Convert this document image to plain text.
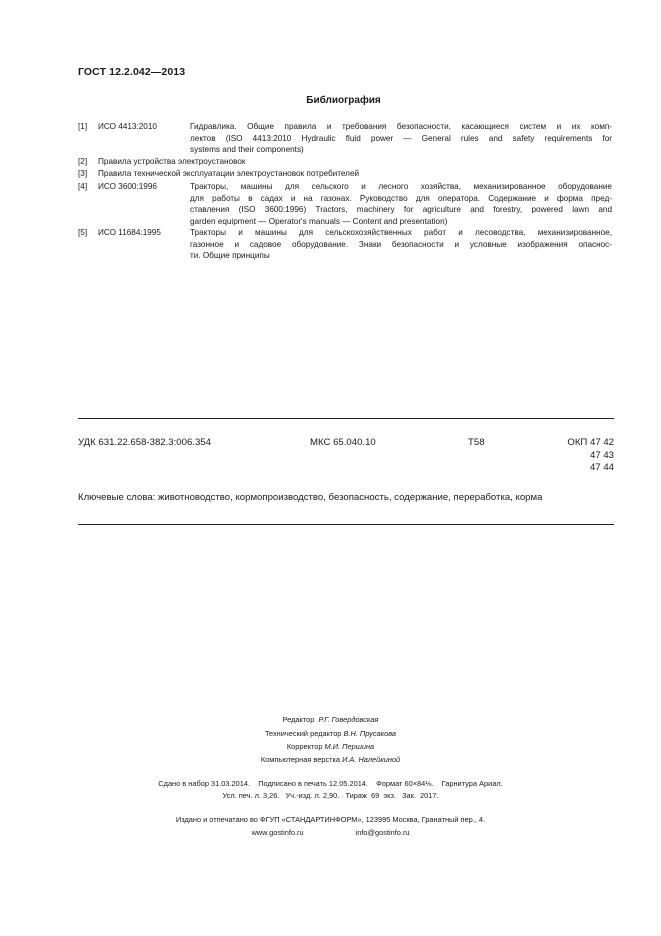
ГОСТ 12.2.042—2013
Библиография
[1] ИСО 4413:2010	Гидравлика. Общие правила и требования безопасности, касающиеся систем и их комп-
лектов (ISO 4413:2010 Hydraulic fluid power — General rules and safety requirements for
systems and their components)
[2] Правила устройства электроустановок
[3] Правила технической эксплуатации электроустановок потребителей
[4] ИСО 3600:1996	Тракторы, машины для сельского и лесного хозяйства, механизированное оборудование
для работы в садах и на газонах. Руководство для оператора. Содержание и форма пред-
ставления (ISO 3600:1996) Tractors, machinery for agriculture and forestry, powered lawn and
garden equipment — Operator's manuals — Content and presentation)
[5] ИСО 11684:1995	Тракторы и машины для сельскохозяйственных работ и лесоводства, механизированное,
газонное и садовое оборудование. Знаки безопасности и условные изображения опаснос-
ти. Общие принципы
УДК 631.22.658-382.3:006.354	МКС 65.040.10	Т58	ОКП 47 42
47 43
47 44
Ключевые слова: животноводство, кормопроизводство, безопасность, содержание, переработка, корма
Редактор Р.Г. Говердовская
Технический редактор В.Н. Прусакова
Корректор М.И. Першина
Компьютерная верстка И.А. Налейкиной
Сдано в набор 31.03.2014.    Подписано в печать 12.05.2014.    Формат 60×84⅛.    Гарнитура Ариал.
Усл. печ. л. 3,26.   Уч.-изд. л. 2,90.   Тираж  69  экз.   Зак.  2017.
Издано и отпечатано во ФГУП «СТАНДАРТИНФОРМ», 123995 Москва, Гранатный пер., 4.
www.gostinfo.ru	info@gostinfo.ru
